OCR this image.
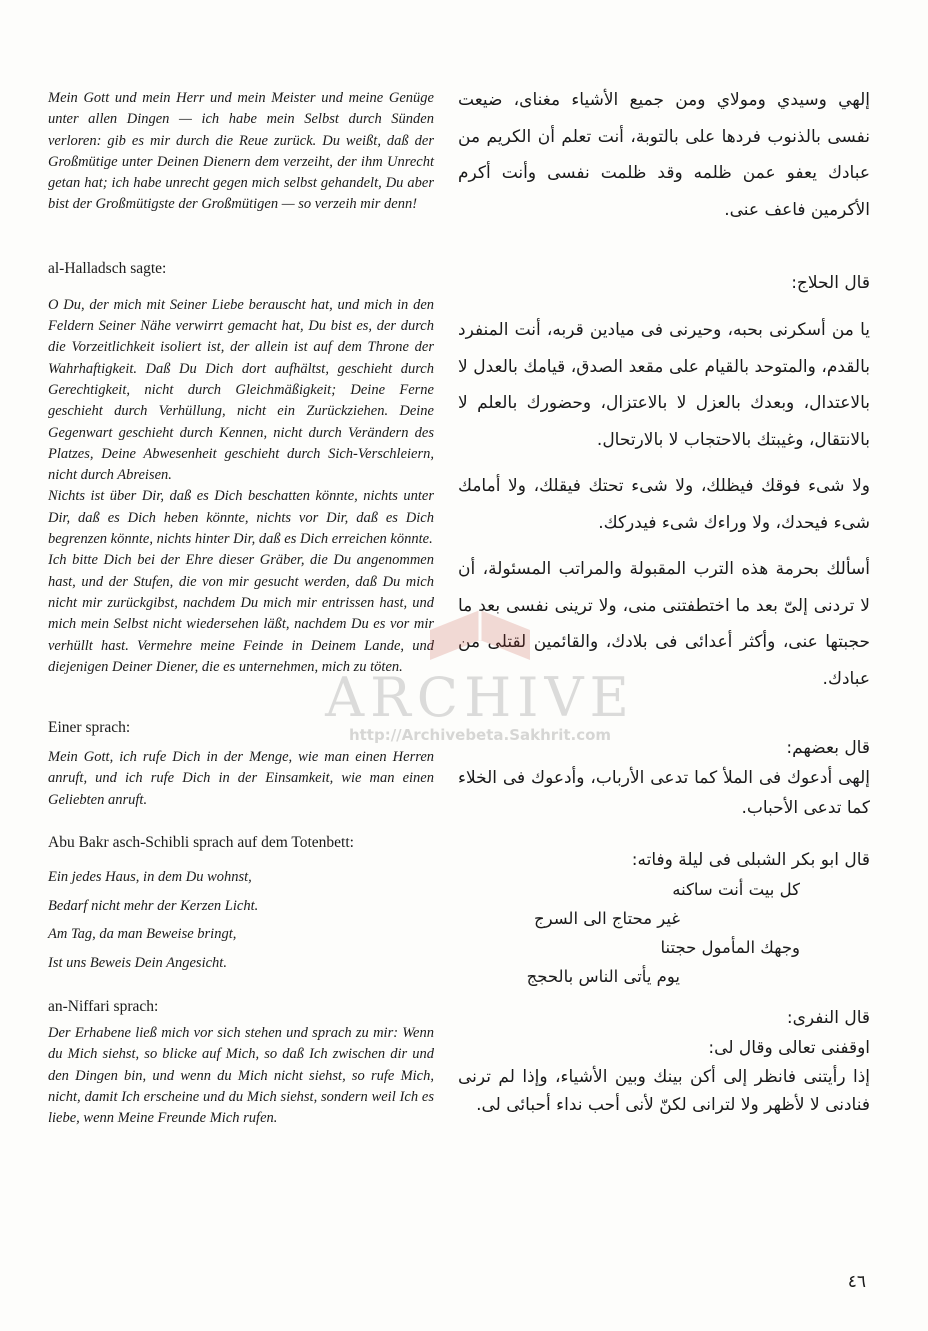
Mein Gott und mein Herr und mein Meister und meine Genüge unter allen Dingen — ich habe mein Selbst durch Sünden verloren: gib es mir durch die Reue zurück. Du weißt, daß der Großmütige unter Deinen Dienern dem verzeiht, der ihm Unrecht getan hat; ich habe unrecht gegen mich selbst gehandelt, Du aber bist der Großmütigste der Großmütigen — so verzeih mir denn!

al-Halladsch sagte:

O Du, der mich mit Seiner Liebe berauscht hat, und mich in den Feldern Seiner Nähe verwirrt gemacht hat, Du bist es, der durch die Vorzeitlichkeit isoliert ist, der allein ist auf dem Throne der Wahrhaftigkeit. Daß Du Dich dort aufhältst, geschieht durch Gerechtigkeit, nicht durch Gleichmäßigkeit; Deine Ferne geschieht durch Verhüllung, nicht ein Zurückziehen. Deine Gegenwart geschieht durch Kennen, nicht durch Verändern des Platzes, Deine Abwesenheit geschieht durch Sich-Verschleiern, nicht durch Abreisen.

Nichts ist über Dir, daß es Dich beschatten könnte, nichts unter Dir, daß es Dich heben könnte, nichts vor Dir, daß es Dich begrenzen könnte, nichts hinter Dir, daß es Dich erreichen könnte.

Ich bitte Dich bei der Ehre dieser Gräber, die Du angenommen hast, und der Stufen, die von mir gesucht werden, daß Du mich nicht mir zurückgibst, nachdem Du mich mir entrissen hast, und mich mein Selbst nicht wiedersehen läßt, nachdem Du es vor mir verhüllt hast. Vermehre meine Feinde in Deinem Lande, und diejenigen Deiner Diener, die es unternehmen, mich zu töten.

Einer sprach:

Mein Gott, ich rufe Dich in der Menge, wie man einen Herren anruft, und ich rufe Dich in der Einsamkeit, wie man einen Geliebten anruft.

Abu Bakr asch-Schibli sprach auf dem Totenbett:

Ein jedes Haus, in dem Du wohnst,

Bedarf nicht mehr der Kerzen Licht.

Am Tag, da man Beweise bringt,

Ist uns Beweis Dein Angesicht.

an-Niffari sprach:

Der Erhabene ließ mich vor sich stehen und sprach zu mir: Wenn du Mich siehst, so blicke auf Mich, so daß Ich zwischen dir und den Dingen bin, und wenn du Mich nicht siehst, so rufe Mich, nicht, damit Ich erscheine und du Mich siehst, sondern weil Ich es liebe, wenn Meine Freunde Mich rufen.

إلهي وسيدي ومولاي ومن جميع الأشياء مغناى، ضيعت نفسى بالذنوب فردها على بالتوبة، أنت تعلم أن الكريم من عبادك يعفو عمن ظلمه وقد ظلمت نفسى وأنت أكرم الأكرمين فاعف عنى.

قال الحلاج:

يا من أسكرنى بحبه، وحيرنى فى ميادين قربه، أنت المنفرد بالقدم، والمتوحد بالقيام على مقعد الصدق، قيامك بالعدل لا بالاعتدال، وبعدك بالعزل لا بالاعتزال، وحضورك بالعلم لا بالانتقال، وغيبتك بالاحتجاب لا بالارتحال.

ولا شىء فوقك فيظلك، ولا شىء تحتك فيقلك، ولا أمامك شىء فيحدك، ولا وراءك شىء فيدركك.

أسألك بحرمة هذه الترب المقبولة والمراتب المسئولة، أن لا تردنى إلىّ بعد ما اختطفتنى منى، ولا ترينى نفسى بعد ما حجبتها عنى، وأكثر أعدائى فى بلادك، والقائمين لقتلى من عبادك.

قال بعضهم:

إلهى أدعوك فى الملأ كما تدعى الأرباب، وأدعوك فى الخلاء كما تدعى الأحباب.

قال ابو بكر الشبلى فى ليلة وفاته:

كل بيت أنت ساكنه
غير محتاج الى السرج
وجهك المأمول حجتنا
يوم يأتى الناس بالحجج

قال النفرى:

اوقفنى تعالى وقال لى:

إذا رأيتنى فانظر إلى أكن بينك وبين الأشياء، وإذا لم ترنى فنادنى لا لأظهر ولا لترانى لكنّ لأنى أحب نداء أحبائى لى.

٤٦
ARCHIVE
http://Archivebeta.Sakhrit.com
